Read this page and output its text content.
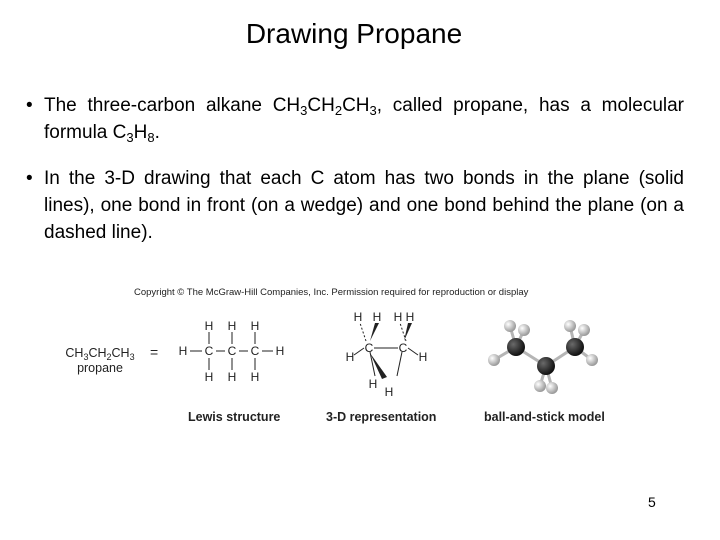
Drawing Propane
• The three-carbon alkane $CH_3CH_2CH_3$, called propane, has a molecular formula $C_3H_8$.
• In the 3-D drawing that each C atom has two bonds in the plane (solid lines), one bond in front (on a wedge) and one bond behind the plane (on a dashed line).
Copyright © The McGraw-Hill Companies, Inc. Permission required for reproduction or display
$CH_3CH_2CH_3$
propane
= H C C C H
H H H
H H H
C C
H H H H
H	H
H
H
Lewis structure	3-D representation	ball-and-stick model
5
